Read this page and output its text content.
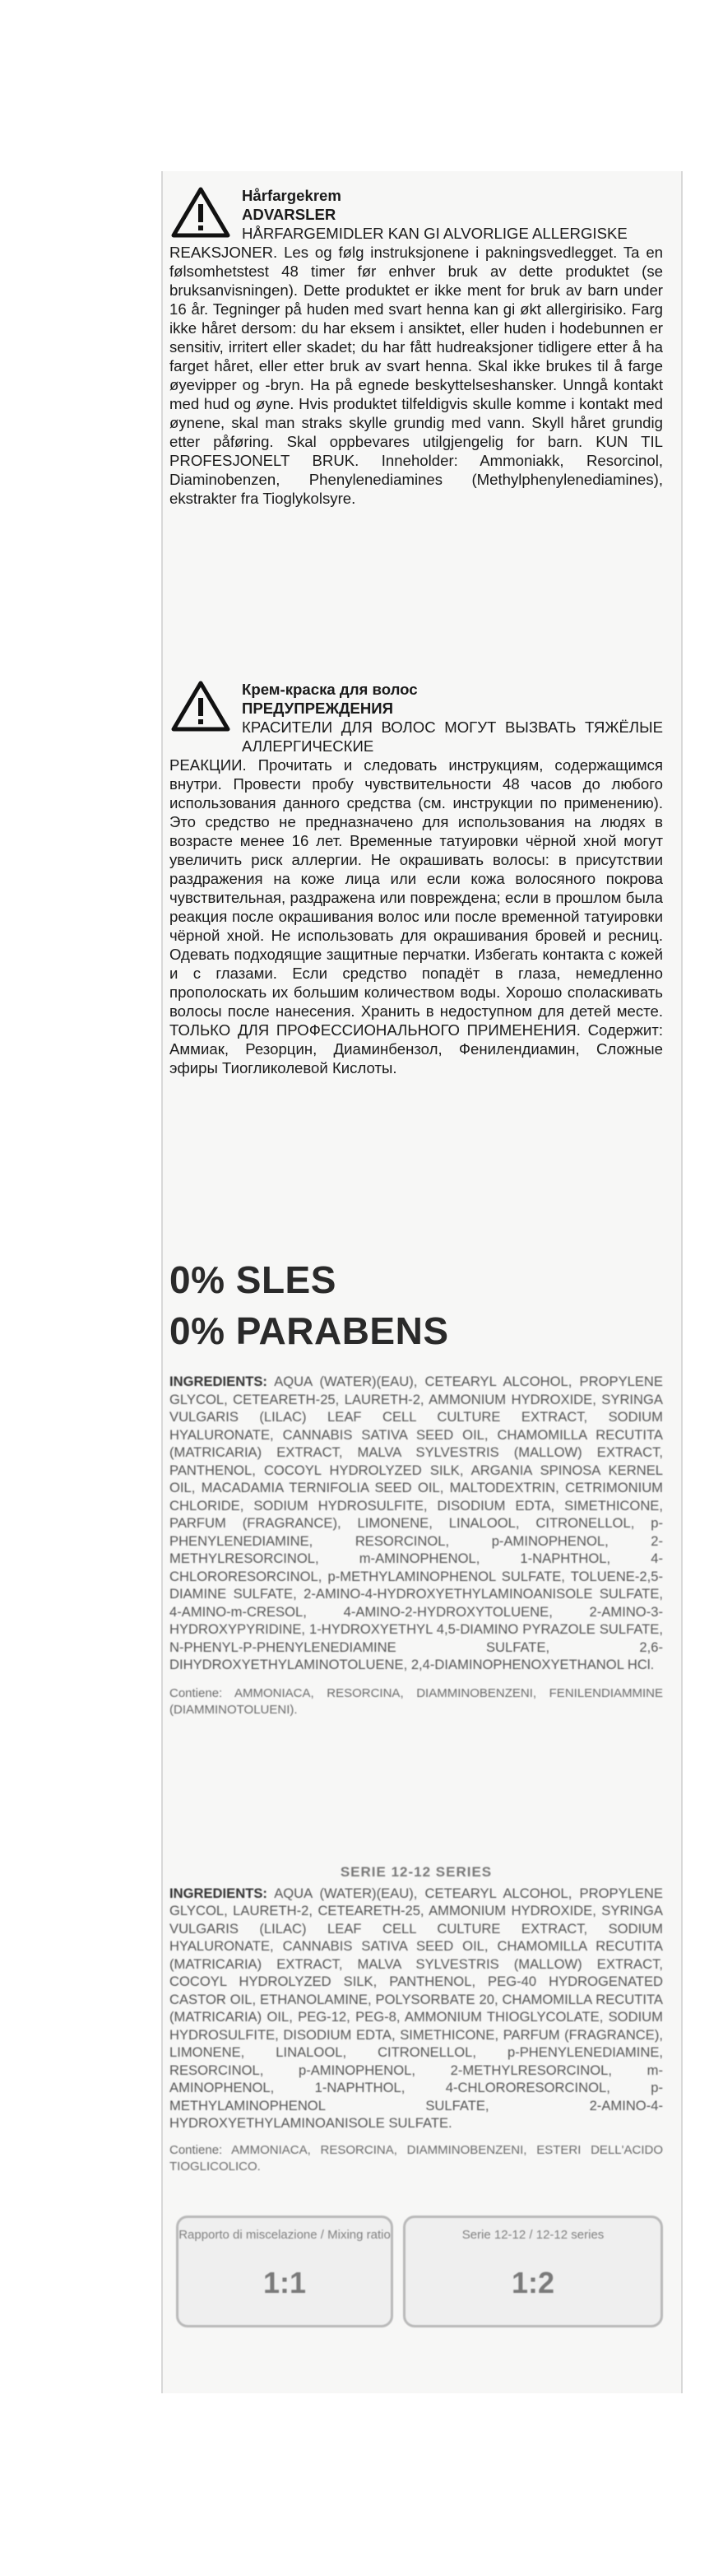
Hårfargekrem
ADVARSLER
HÅRFARGEMIDLER KAN GI ALVORLIGE ALLERGISKE

REAKSJONER. Les og følg instruksjonene i pakningsvedlegget. Ta en følsomhetstest 48 timer før enhver bruk av dette produktet (se bruksanvisningen). Dette produktet er ikke ment for bruk av barn under 16 år. Tegninger på huden med svart henna kan gi økt allergirisiko. Farg ikke håret dersom: du har eksem i ansiktet, eller huden i hodebunnen er sensitiv, irritert eller skadet; du har fått hudreaksjoner tidligere etter å ha farget håret, eller etter bruk av svart henna. Skal ikke brukes til å farge øyevipper og -bryn. Ha på egnede beskyttelseshansker. Unngå kontakt med hud og øyne. Hvis produktet tilfeldigvis skulle komme i kontakt med øynene, skal man straks skylle grundig med vann. Skyll håret grundig etter påføring. Skal oppbevares utilgjengelig for barn. KUN TIL PROFESJONELT BRUK. Inneholder: Ammoniakk, Resorcinol, Diaminobenzen, Phenylenediamines (Methylphenylenediamines), ekstrakter fra Tioglykolsyre.

Крем-краска для волос
ПРЕДУПРЕЖДЕНИЯ
КРАСИТЕЛИ ДЛЯ ВОЛОС МОГУТ ВЫЗВАТЬ ТЯЖЁЛЫЕ АЛЛЕРГИЧЕСКИЕ

РЕАКЦИИ. Прочитать и следовать инструкциям, содержащимся внутри. Провести пробу чувствительности 48 часов до любого использования данного средства (см. инструкции по применению). Это средство не предназначено для использования на людях в возрасте менее 16 лет. Временные татуировки чёрной хной могут увеличить риск аллергии. Не окрашивать волосы: в присутствии раздражения на коже лица или если кожа волосяного покрова чувствительная, раздражена или повреждена; если в прошлом была реакция после окрашивания волос или после временной татуировки чёрной хной. Не использовать для окрашивания бровей и ресниц. Одевать подходящие защитные перчатки. Избегать контакта с кожей и с глазами. Если средство попадёт в глаза, немедленно прополоскать их большим количеством воды. Хорошо споласкивать волосы после нанесения. Хранить в недоступном для детей месте. ТОЛЬКО ДЛЯ ПРОФЕССИОНАЛЬНОГО ПРИМЕНЕНИЯ. Содержит: Аммиак, Резорцин, Диаминбензол, Фенилендиамин, Сложные эфиры Тиогликолевой Кислоты.

0% SLES
0% PARABENS
INGREDIENTS: AQUA (WATER)(EAU), CETEARYL ALCOHOL, PROPYLENE GLYCOL, CETEARETH-25, LAURETH-2, AMMONIUM HYDROXIDE, SYRINGA VULGARIS (LILAC) LEAF CELL CULTURE EXTRACT, SODIUM HYALURONATE, CANNABIS SATIVA SEED OIL, CHAMOMILLA RECUTITA (MATRICARIA) EXTRACT, MALVA SYLVESTRIS (MALLOW) EXTRACT, PANTHENOL, COCOYL HYDROLYZED SILK, ARGANIA SPINOSA KERNEL OIL, MACADAMIA TERNIFOLIA SEED OIL, MALTODEXTRIN, CETRIMONIUM CHLORIDE, SODIUM HYDROSULFITE, DISODIUM EDTA, SIMETHICONE, PARFUM (FRAGRANCE), LIMONENE, LINALOOL, CITRONELLOL, p-PHENYLENEDIAMINE, RESORCINOL, p-AMINOPHENOL, 2-METHYLRESORCINOL, m-AMINOPHENOL, 1-NAPHTHOL, 4-CHLORORESORCINOL, p-METHYLAMINOPHENOL SULFATE, TOLUENE-2,5-DIAMINE SULFATE, 2-AMINO-4-HYDROXYETHYLAMINOANISOLE SULFATE, 4-AMINO-m-CRESOL, 4-AMINO-2-HYDROXYTOLUENE, 2-AMINO-3-HYDROXYPYRIDINE, 1-HYDROXYETHYL 4,5-DIAMINO PYRAZOLE SULFATE, N-PHENYL-P-PHENYLENEDIAMINE SULFATE, 2,6-DIHYDROXYETHYLAMINOTOLUENE, 2,4-DIAMINOPHENOXYETHANOL HCl.
Contiene: AMMONIACA, RESORCINA, DIAMMINOBENZENI, FENILENDIAMMINE (DIAMMINOTOLUENI).
SERIE 12-12 SERIES
INGREDIENTS: AQUA (WATER)(EAU), CETEARYL ALCOHOL, PROPYLENE GLYCOL, LAURETH-2, CETEARETH-25, AMMONIUM HYDROXIDE, SYRINGA VULGARIS (LILAC) LEAF CELL CULTURE EXTRACT, SODIUM HYALURONATE, CANNABIS SATIVA SEED OIL, CHAMOMILLA RECUTITA (MATRICARIA) EXTRACT, MALVA SYLVESTRIS (MALLOW) EXTRACT, COCOYL HYDROLYZED SILK, PANTHENOL, PEG-40 HYDROGENATED CASTOR OIL, ETHANOLAMINE, POLYSORBATE 20, CHAMOMILLA RECUTITA (MATRICARIA) OIL, PEG-12, PEG-8, AMMONIUM THIOGLYCOLATE, SODIUM HYDROSULFITE, DISODIUM EDTA, SIMETHICONE, PARFUM (FRAGRANCE), LIMONENE, LINALOOL, CITRONELLOL, p-PHENYLENEDIAMINE, RESORCINOL, p-AMINOPHENOL, 2-METHYLRESORCINOL, m-AMINOPHENOL, 1-NAPHTHOL, 4-CHLORORESORCINOL, p-METHYLAMINOPHENOL SULFATE, 2-AMINO-4-HYDROXYETHYLAMINOANISOLE SULFATE.
Contiene: AMMONIACA, RESORCINA, DIAMMINOBENZENI, ESTERI DELL'ACIDO TIOGLICOLICO.
Rapporto di miscelazione / Mixing ratio
1:1
Serie 12-12 / 12-12 series
1:2
